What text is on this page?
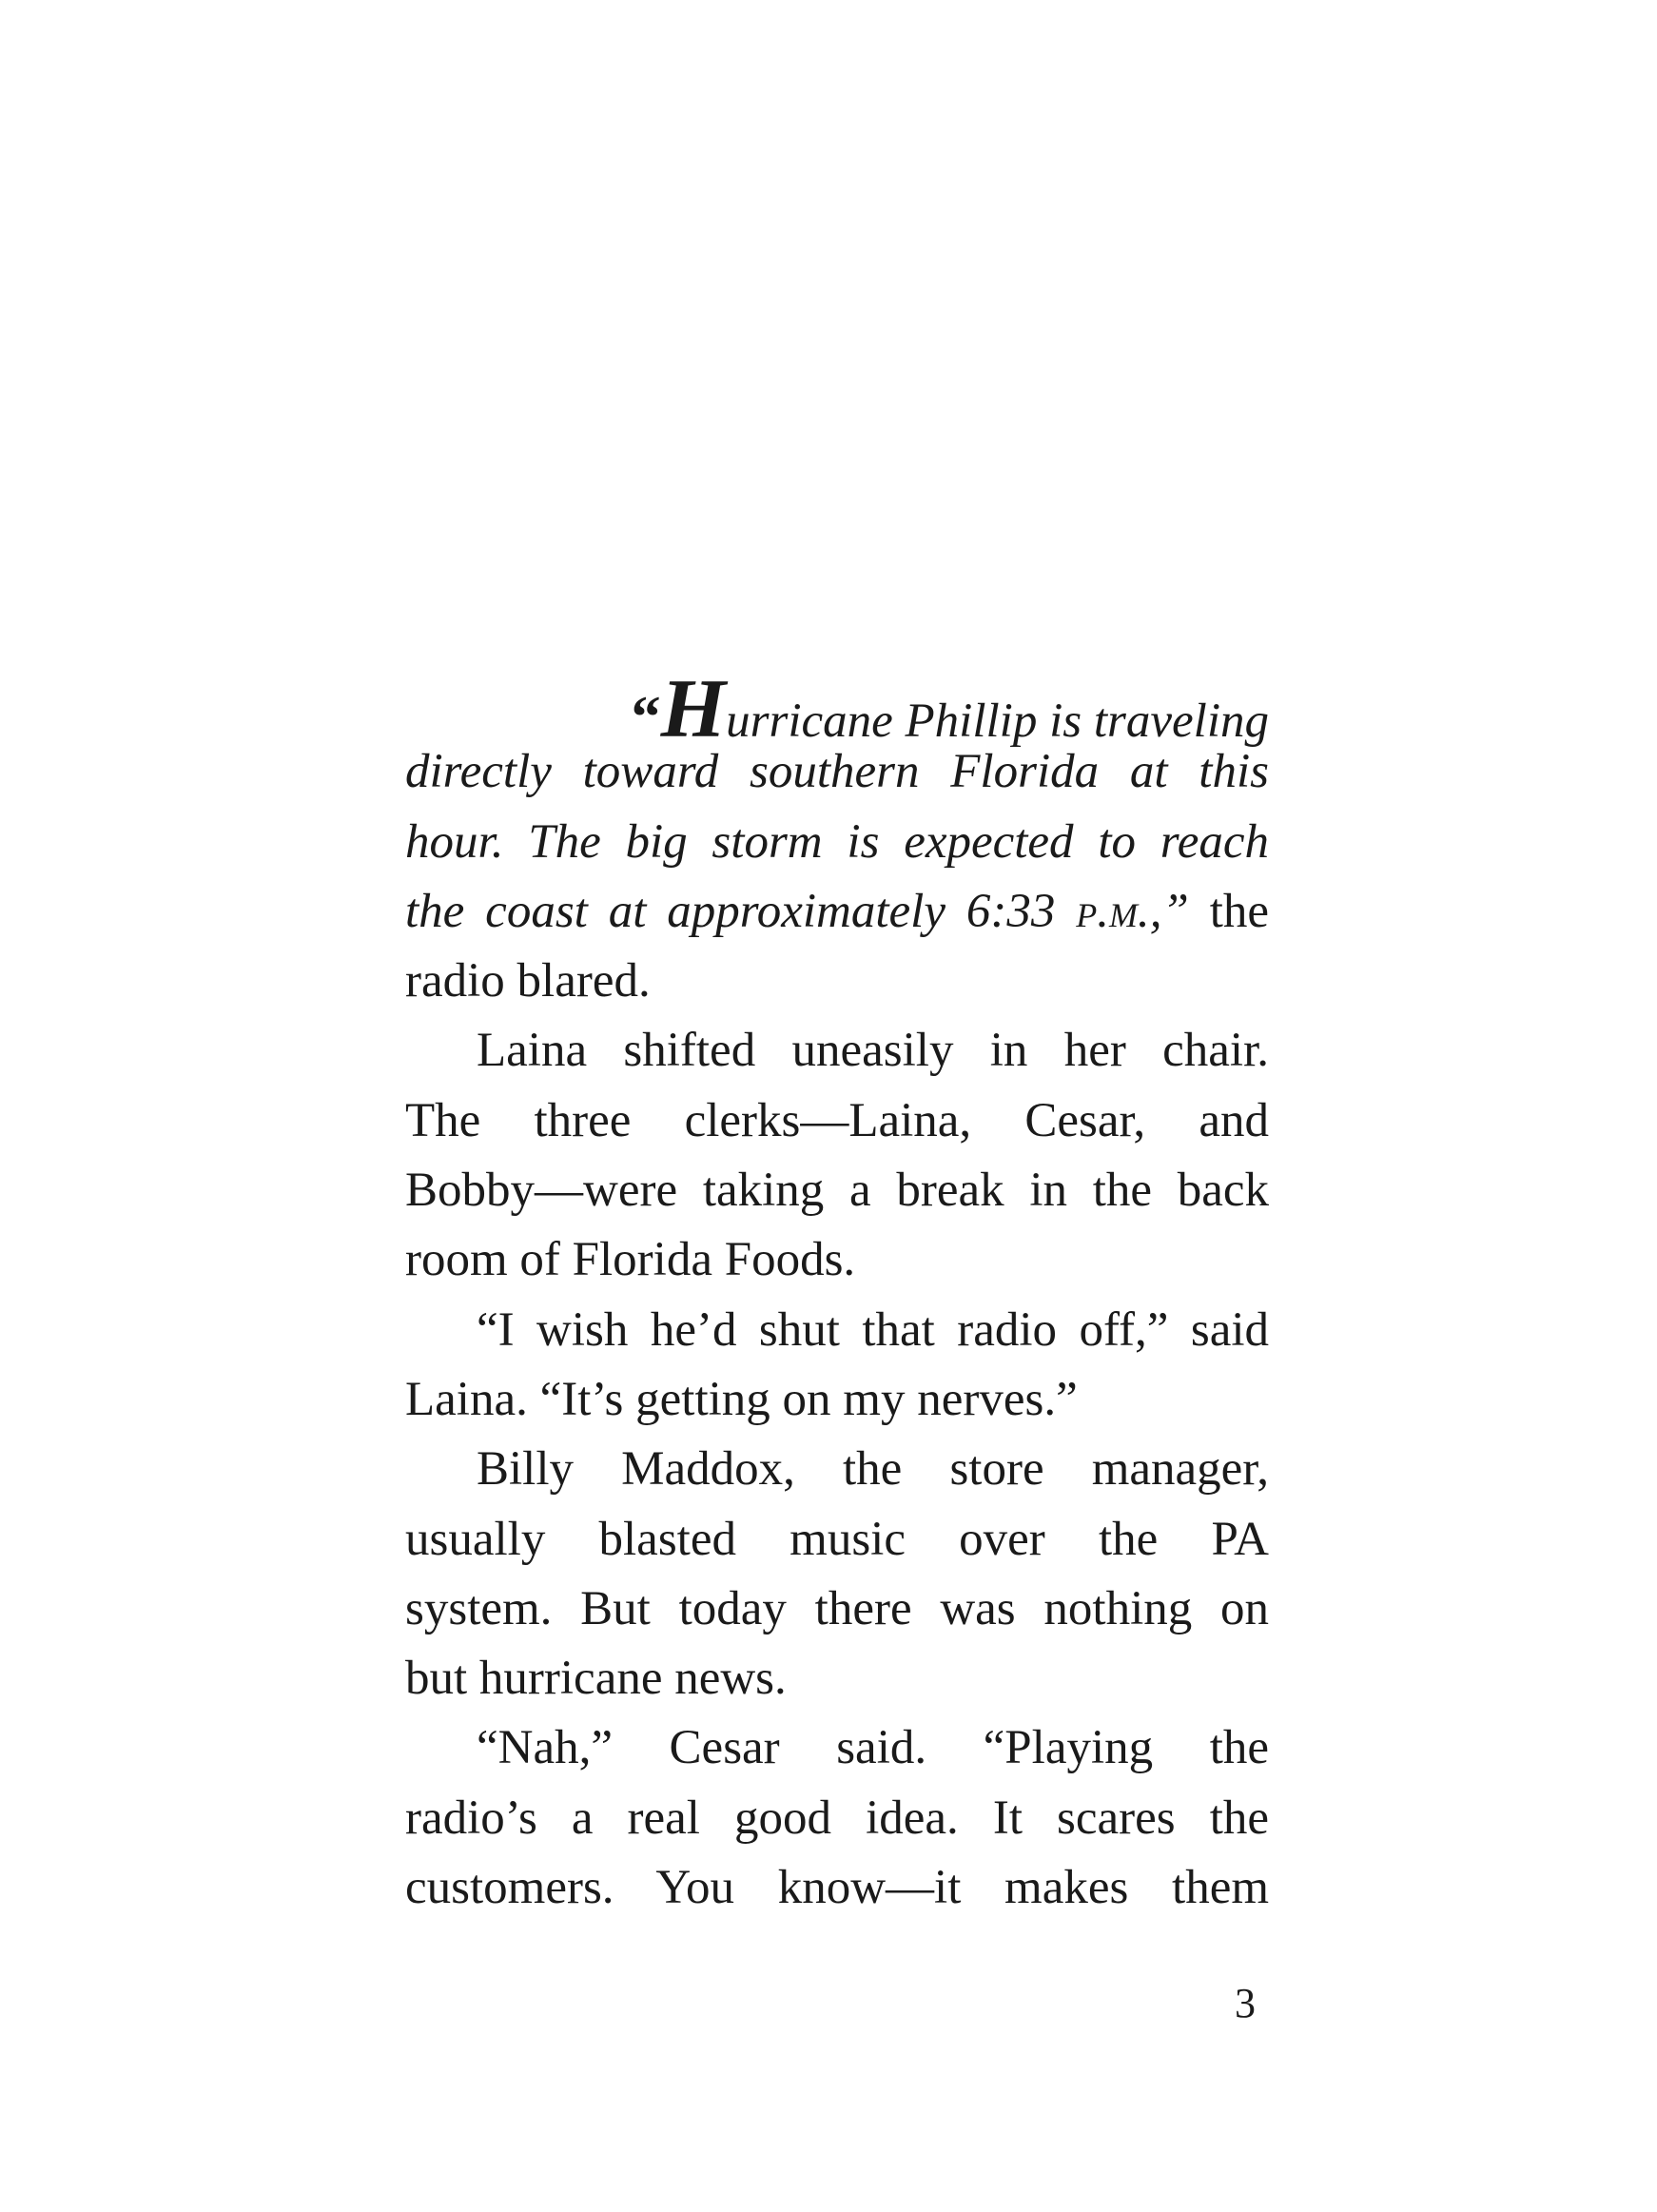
“Hurricane Phillip is traveling
directly toward southern Florida at this
hour. The big storm is expected to reach
the coast at approximately 6:33 p.m.,” the
radio blared.
Laina shifted uneasily in her chair.
The three clerks—Laina, Cesar, and
Bobby—were taking a break in the back
room of Florida Foods.
“I wish he’d shut that radio off,” said
Laina. “It’s getting on my nerves.”
Billy Maddox, the store manager,
usually blasted music over the PA
system. But today there was nothing on
but hurricane news.
“Nah,” Cesar said. “Playing the
radio’s a real good idea. It scares the
customers. You know—it makes them
3
